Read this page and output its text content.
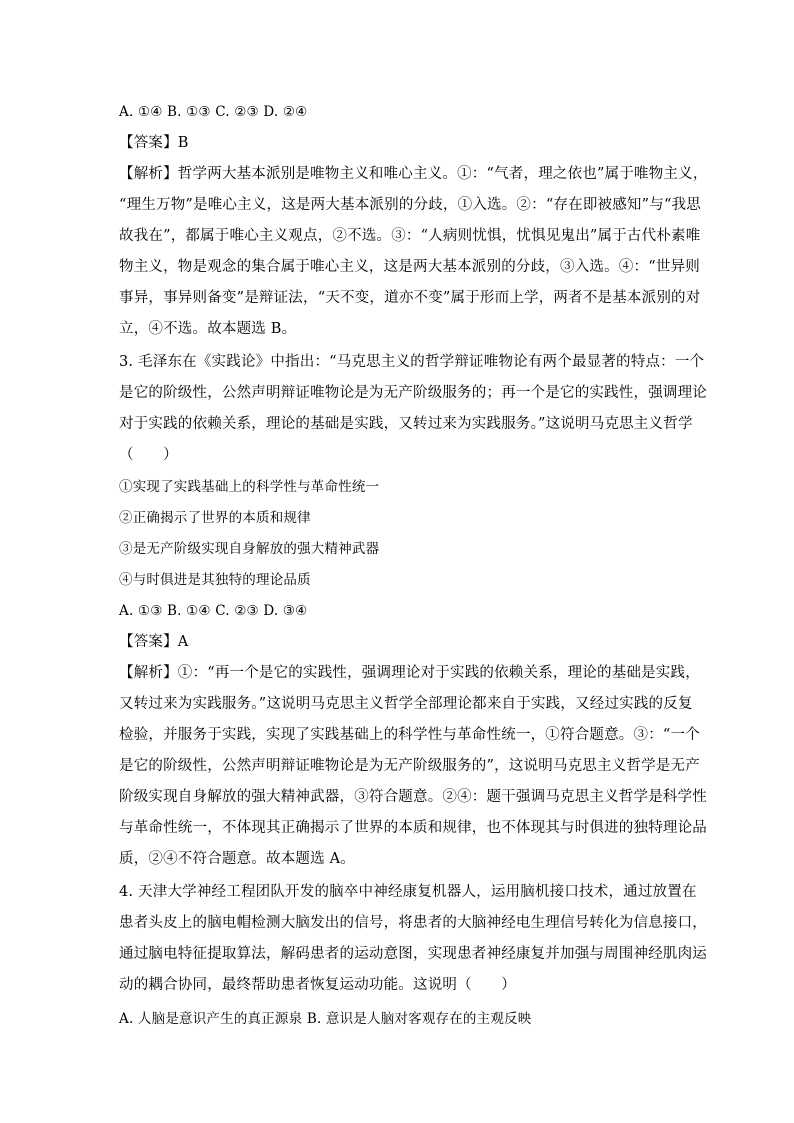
A. ①④ B. ①③ C. ②③ D. ②④
【答案】B
【解析】哲学两大基本派别是唯物主义和唯心主义。①：“气者，理之依也”属于唯物主义，
“理生万物”是唯心主义，这是两大基本派别的分歧，①入选。②：“存在即被感知”与“我思
故我在”，都属于唯心主义观点，②不选。③：“人病则忧惧，忧惧见鬼出”属于古代朴素唯
物主义，物是观念的集合属于唯心主义，这是两大基本派别的分歧，③入选。④：“世异则
事异，事异则备变”是辩证法，“天不变，道亦不变”属于形而上学，两者不是基本派别的对
立，④不选。故本题选 B。
3. 毛泽东在《实践论》中指出：“马克思主义的哲学辩证唯物论有两个最显著的特点：一个
是它的阶级性，公然声明辩证唯物论是为无产阶级服务的；再一个是它的实践性，强调理论
对于实践的依赖关系，理论的基础是实践，又转过来为实践服务。”这说明马克思主义哲学
（　　）
①实现了实践基础上的科学性与革命性统一
②正确揭示了世界的本质和规律
③是无产阶级实现自身解放的强大精神武器
④与时俱进是其独特的理论品质
A. ①③ B. ①④ C. ②③ D. ③④
【答案】A
【解析】①：“再一个是它的实践性，强调理论对于实践的依赖关系，理论的基础是实践，
又转过来为实践服务。”这说明马克思主义哲学全部理论都来自于实践，又经过实践的反复
检验，并服务于实践，实现了实践基础上的科学性与革命性统一，①符合题意。③：“一个
是它的阶级性，公然声明辩证唯物论是为无产阶级服务的”，这说明马克思主义哲学是无产
阶级实现自身解放的强大精神武器，③符合题意。②④：题干强调马克思主义哲学是科学性
与革命性统一，不体现其正确揭示了世界的本质和规律，也不体现其与时俱进的独特理论品
质，②④不符合题意。故本题选 A。
4. 天津大学神经工程团队开发的脑卒中神经康复机器人，运用脑机接口技术，通过放置在
患者头皮上的脑电帽检测大脑发出的信号，将患者的大脑神经电生理信号转化为信息接口，
通过脑电特征提取算法，解码患者的运动意图，实现患者神经康复并加强与周围神经肌肉运
动的耦合协同，最终帮助患者恢复运动功能。这说明（　　）
A. 人脑是意识产生的真正源泉 B. 意识是人脑对客观存在的主观反映
